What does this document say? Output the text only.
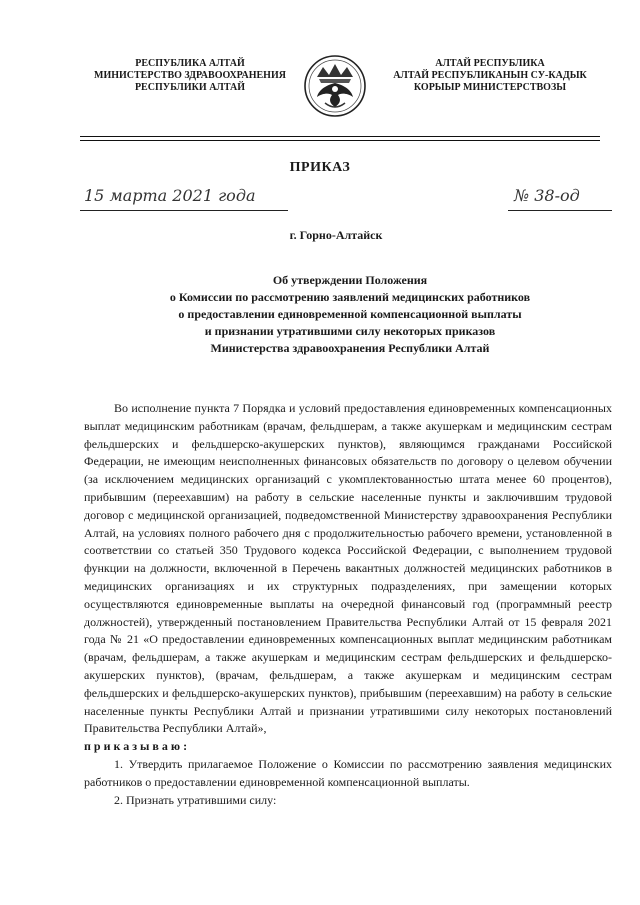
РЕСПУБЛИКА АЛТАЙ
МИНИСТЕРСТВО ЗДРАВООХРАНЕНИЯ
РЕСПУБЛИКИ АЛТАЙ
АЛТАЙ РЕСПУБЛИКА
АЛТАЙ РЕСПУБЛИКАНЫН СУ-КАДЫК
КОРЫЫР МИНИСТЕРСТВОЗЫ
ПРИКАЗ
15 марта 2021 года	№ 38-од
г. Горно-Алтайск
Об утверждении Положения
о Комиссии по рассмотрению заявлений медицинских работников
о предоставлении единовременной компенсационной выплаты
и признании утратившими силу некоторых приказов
Министерства здравоохранения Республики Алтай

Во исполнение пункта 7 Порядка и условий предоставления единовременных компенсационных выплат медицинским работникам (врачам, фельдшерам, а также акушеркам и медицинским сестрам фельдшерских и фельдшерско-акушерских пунктов), являющимся гражданами Российской Федерации, не имеющим неисполненных финансовых обязательств по договору о целевом обучении (за исключением медицинских организаций с укомплектованностью штата менее 60 процентов), прибывшим (переехавшим) на работу в сельские населенные пункты и заключившим трудовой договор с медицинской организацией, подведомственной Министерству здравоохранения Республики Алтай, на условиях полного рабочего дня с продолжительностью рабочего времени, установленной в соответствии со статьей 350 Трудового кодекса Российской Федерации, с выполнением трудовой функции на должности, включенной в Перечень вакантных должностей медицинских работников в медицинских организациях и их структурных подразделениях, при замещении которых осуществляются единовременные выплаты на очередной финансовый год (программный реестр должностей), утвержденный постановлением Правительства Республики Алтай от 15 февраля 2021 года № 21 «О предоставлении единовременных компенсационных выплат медицинским работникам (врачам, фельдшерам, а также акушеркам и медицинским сестрам фельдшерских и фельдшерско-акушерских пунктов), (врачам, фельдшерам, а также акушеркам и медицинским сестрам фельдшерских и фельдшерско-акушерских пунктов), прибывшим (переехавшим) на работу в сельские населенные пункты Республики Алтай и признании утратившими силу некоторых постановлений Правительства Республики Алтай»,

приказываю:

1. Утвердить прилагаемое Положение о Комиссии по рассмотрению заявления медицинских работников о предоставлении единовременной компенсационной выплаты.

2. Признать утратившими силу:
